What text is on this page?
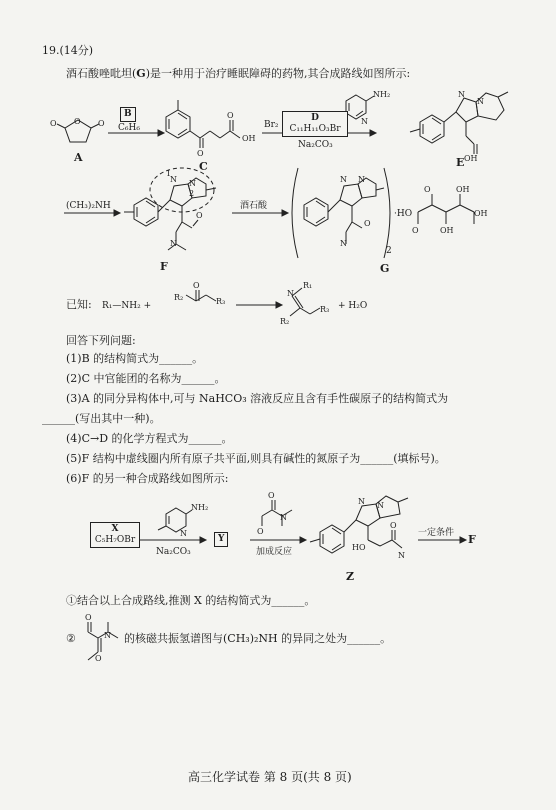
19.(14分)
酒石酸唑吡坦(G)是一种用于治疗睡眠障碍的药物,其合成路线如图所示:
O	O
O
O
O
OH
N
NH₂	N
N
OH
O
N
N N
1
2
O
N
N N
O	OH
OH
OH
O
O
R₃
R₂	N
R₁
R₃
R₂
N
NH₂
O
O
N
HO
O
N
N N
O
O
N
A
B
C₆H₆
C
Br₂
D
C₁₁H₁₁O₃Br
Na₂CO₃
E
(CH₃)₂NH	酒石酸
F	G
2
·HO
已知: R₁—NH₂ +	+ H₂O
回答下列问题:
(1)B 的结构简式为______。
(2)C 中官能团的名称为______。
(3)A 的同分异构体中,可与 NaHCO₃ 溶液反应且含有手性碳原子的结构简式为
______(写出其中一种)。
(4)C→D 的化学方程式为______。
(5)F 结构中虚线圈内所有原子共平面,则具有碱性的氮原子为______(填标号)。
(6)F 的另一种合成路线如图所示:
X
C₅H₇OBr
Na₂CO₃
Y
加成反应
Z
一定条件 F
①结合以上合成路线,推测 X 的结构简式为______。
②	的核磁共振氢谱图与(CH₃)₂NH 的异同之处为______。
高三化学试卷 第 8 页(共 8 页)
